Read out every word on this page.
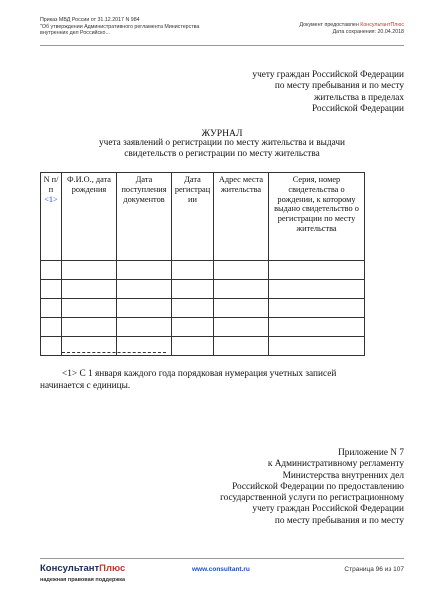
Приказ МВД России от 31.12.2017 N 984
"Об утверждении Административного регламента Министерства
внутренних дел Российско...
Документ предоставлен КонсультантПлюс
Дата сохранения: 20.04.2018
учету граждан Российской Федерации
по месту пребывания и по месту
жительства в пределах
Российской Федерации
ЖУРНАЛ
учета заявлений о регистрации по месту жительства и выдачи
свидетельств о регистрации по месту жительства
N п/п <1>	Ф.И.О., дата рождения	Дата поступления документов	Дата регистрации	Адрес места жительства	Серия, номер свидетельства о рождении, к которому выдано свидетельство о регистрации по месту жительства

<1> С 1 января каждого года порядковая нумерация учетных записей
начинается с единицы.
Приложение N 7
к Административному регламенту
Министерства внутренних дел
Российской Федерации по предоставлению
государственной услуги по регистрационному
учету граждан Российской Федерации
по месту пребывания и по месту
КонсультантПлюс
надежная правовая поддержка
www.consultant.ru	Страница 96 из 107
